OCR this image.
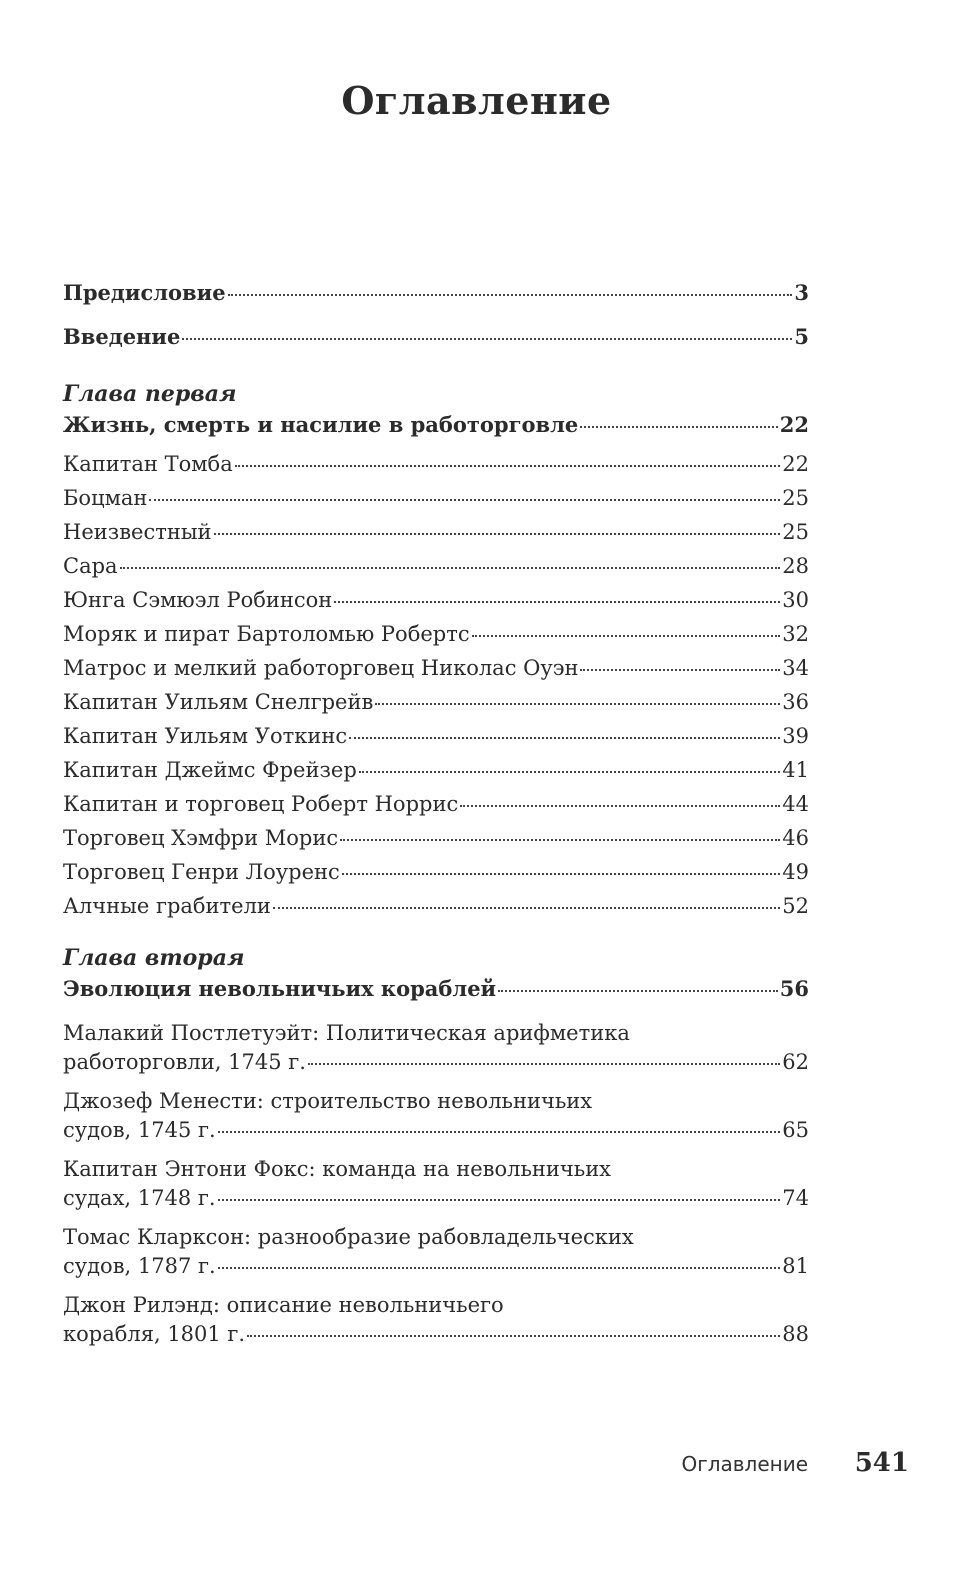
Оглавление
Предисловие	3
Введение	5
Глава первая
Жизнь, смерть и насилие в работорговле	22
Капитан Томба	22
Боцман	25
Неизвестный	25
Сара	28
Юнга Сэмюэл Робинсон	30
Моряк и пират Бартоломью Робертс	32
Матрос и мелкий работорговец Николас Оуэн	34
Капитан Уильям Снелгрейв	36
Капитан Уильям Уоткинс	39
Капитан Джеймс Фрейзер	41
Капитан и торговец Роберт Норрис	44
Торговец Хэмфри Морис	46
Торговец Генри Лоуренс	49
Алчные грабители	52
Глава вторая
Эволюция невольничьих кораблей	56
Малакий Постлетуэйт: Политическая арифметика
работорговли, 1745 г.	62
Джозеф Менести: строительство невольничьих
судов, 1745 г.	65
Капитан Энтони Фокс: команда на невольничьих
судах, 1748 г.	74
Томас Кларксон: разнообразие рабовладельческих
судов, 1787 г.	81
Джон Рилэнд: описание невольничьего
корабля, 1801 г.	88
Оглавление 541
